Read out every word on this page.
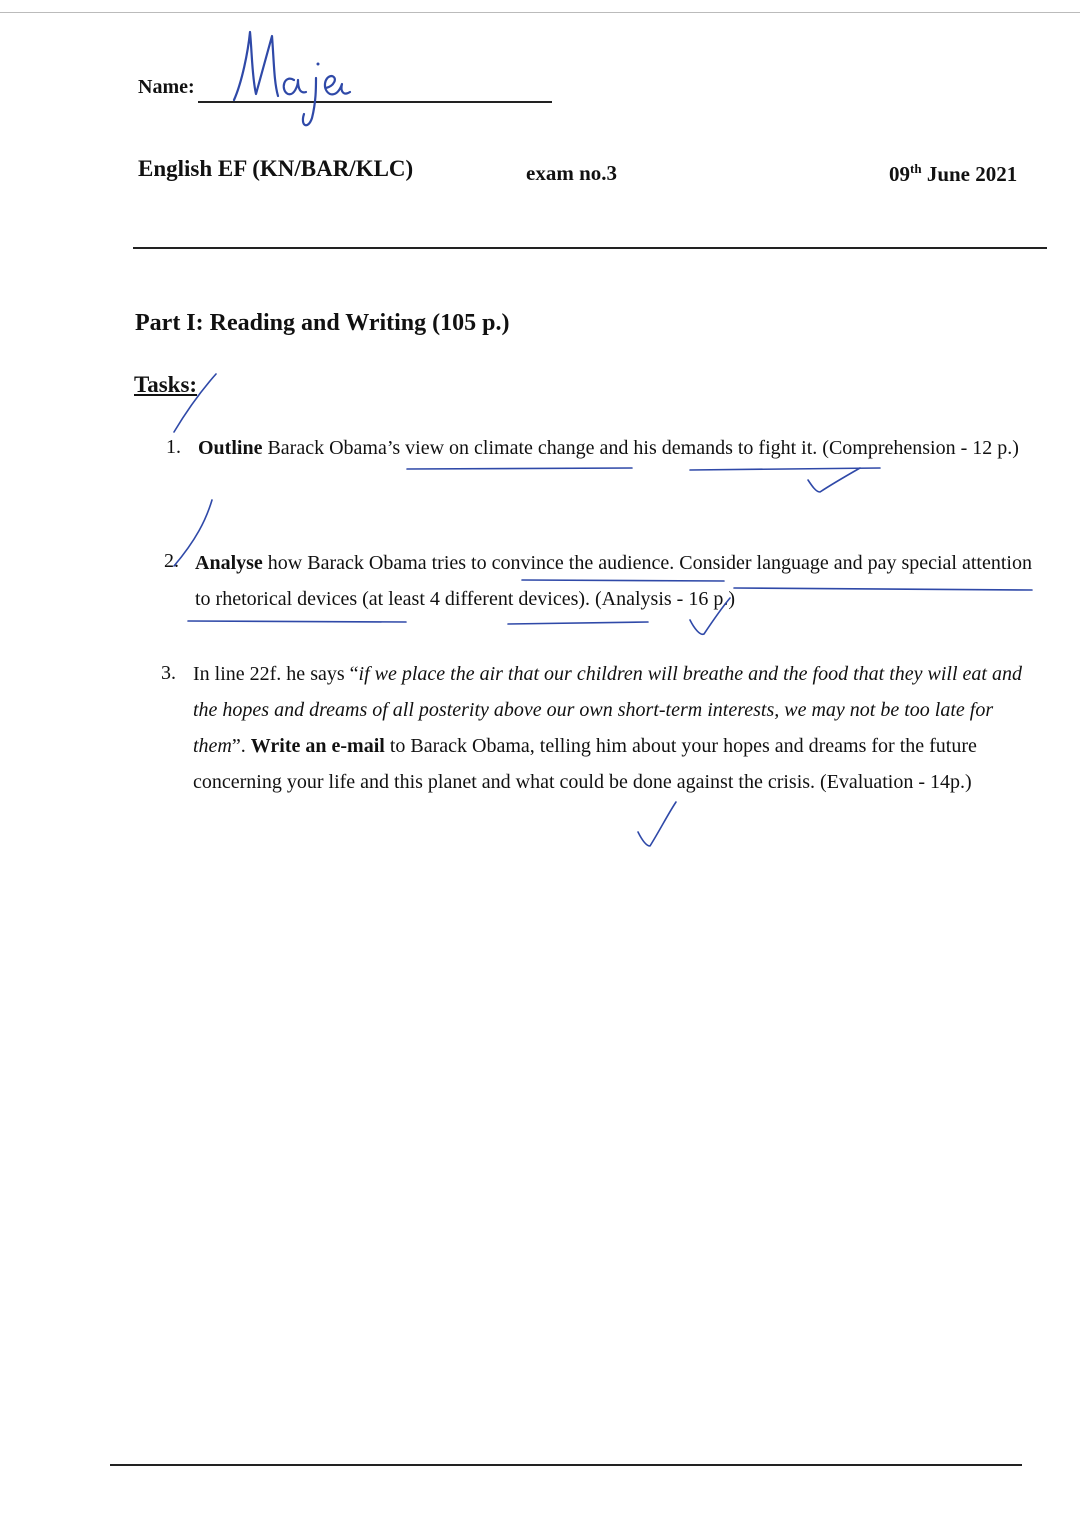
Name:
English EF (KN/BAR/KLC)	exam no.3	09th June 2021
Part I: Reading and Writing (105 p.)
Tasks:
1. Outline Barack Obama’s view on climate change and his demands to fight it. (Comprehension - 12 p.)
2. Analyse how Barack Obama tries to convince the audience. Consider language and pay special attention to rhetorical devices (at least 4 different devices). (Analysis - 16 p.)
3. In line 22f. he says “if we place the air that our children will breathe and the food that they will eat and the hopes and dreams of all posterity above our own short-term interests, we may not be too late for them”. Write an e-mail to Barack Obama, telling him about your hopes and dreams for the future concerning your life and this planet and what could be done against the crisis. (Evaluation - 14p.)
